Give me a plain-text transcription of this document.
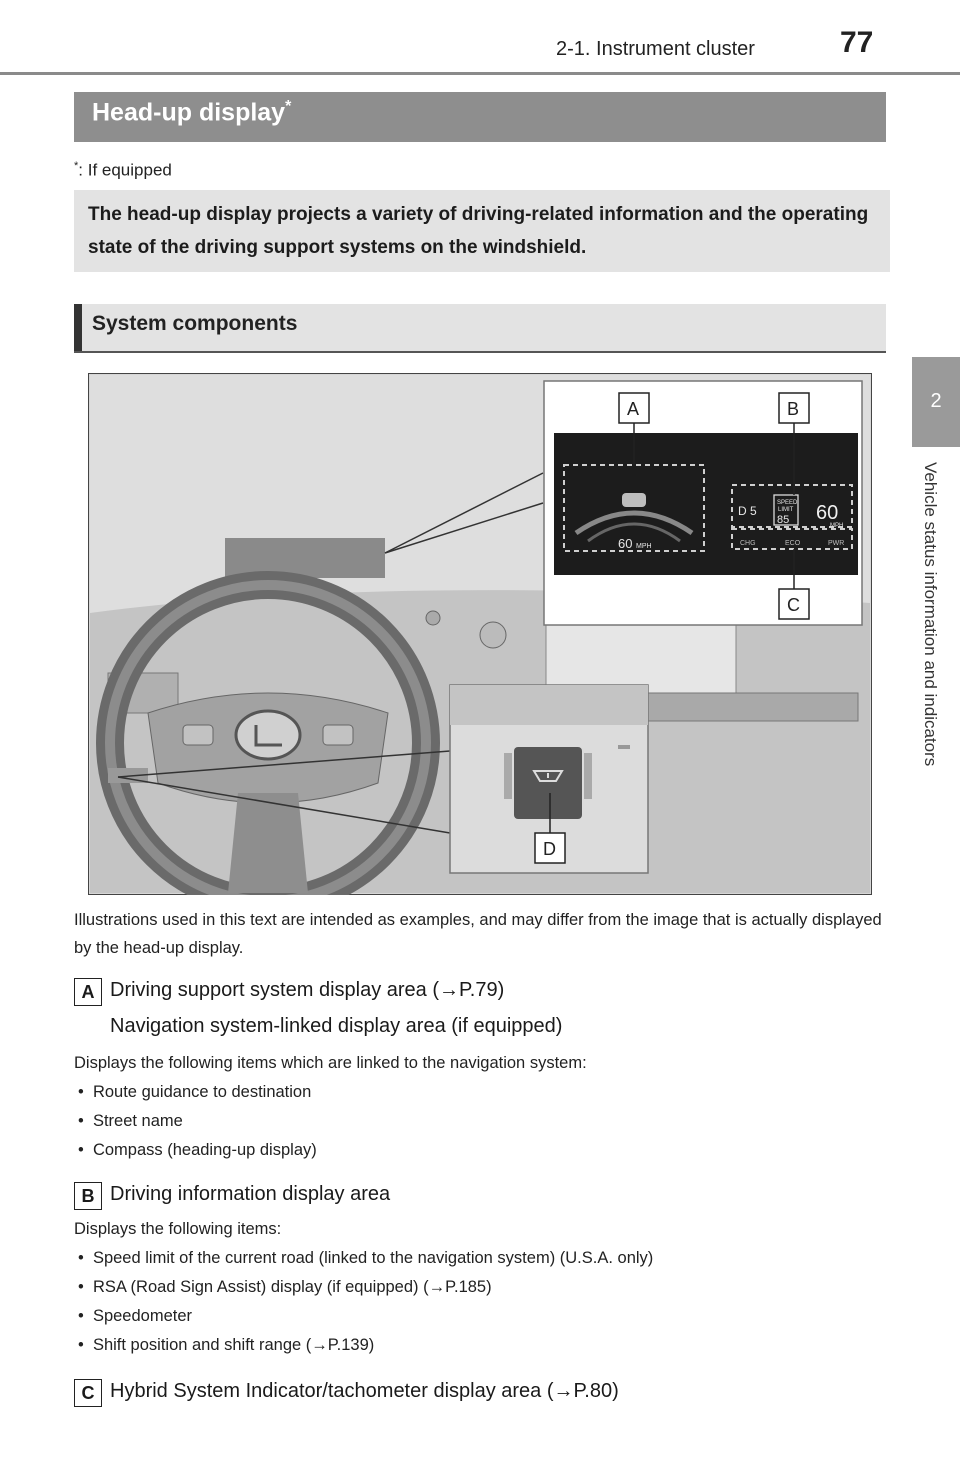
2-1. Instrument cluster	77
2
Vehicle status information and indicators
Head-up display*
*: If equipped
The head-up display projects a variety of driving-related information and the operating state of the driving support systems on the windshield.
System components
60 MPH
D 5
SPEED
LIMIT
85 60
MPH
CHG	ECO	PWR
A	B
C
D
Illustrations used in this text are intended as examples, and may differ from the image that is actually displayed by the head-up display.
A Driving support system display area (→P.79)
Navigation system-linked display area (if equipped)
Displays the following items which are linked to the navigation system:
•  Route guidance to destination
•  Street name
•  Compass (heading-up display)
B Driving information display area
Displays the following items:
•  Speed limit of the current road (linked to the navigation system) (U.S.A. only)
•  RSA (Road Sign Assist) display (if equipped) (→P.185)
•  Speedometer
•  Shift position and shift range (→P.139)
C Hybrid System Indicator/tachometer display area (→P.80)
